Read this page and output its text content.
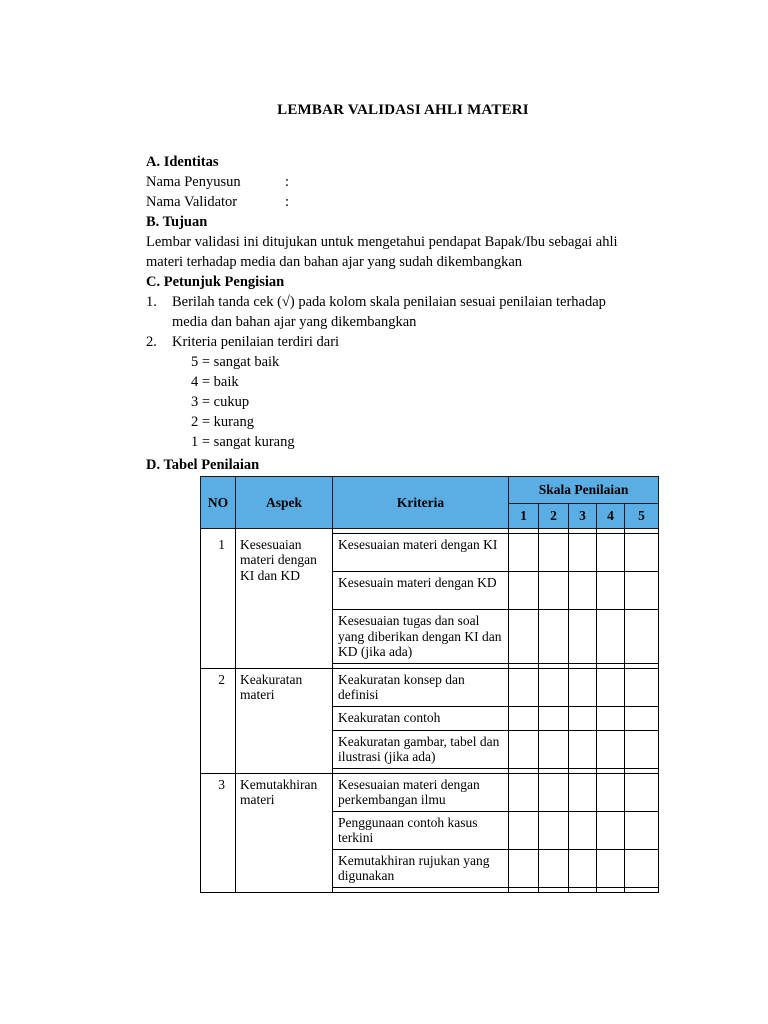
LEMBAR VALIDASI AHLI MATERI
A. Identitas
Nama Penyusun	:
Nama Validator	:
B. Tujuan
Lembar validasi ini ditujukan untuk mengetahui pendapat Bapak/Ibu sebagai ahli
materi terhadap media dan bahan ajar yang sudah dikembangkan
C. Petunjuk Pengisian
1. Berilah tanda cek (√) pada kolom skala penilaian sesuai penilaian terhadap
media dan bahan ajar yang dikembangkan
2. Kriteria penilaian terdiri dari
5 = sangat baik
4 = baik
3 = cukup
2 = kurang
1 = sangat kurang
D. Tabel Penilaian
NO	Aspek	Kriteria	Skala Penilaian				
			1	2	3	4	5

1	Kesesuaian materi dengan KI dan KD	Kesesuaian materi dengan KI					
		Kesesuain materi dengan KD					
		Kesesuaian tugas dan soal yang diberikan dengan KI dan KD (jika ada)					

2	Keakuratan materi	Keakuratan konsep dan definisi					
		Keakuratan contoh					
		Keakuratan gambar, tabel dan ilustrasi (jika ada)					

3	Kemutakhiran materi	Kesesuaian materi dengan perkembangan ilmu					
		Penggunaan contoh kasus terkini					
		Kemutakhiran rujukan yang digunakan					
